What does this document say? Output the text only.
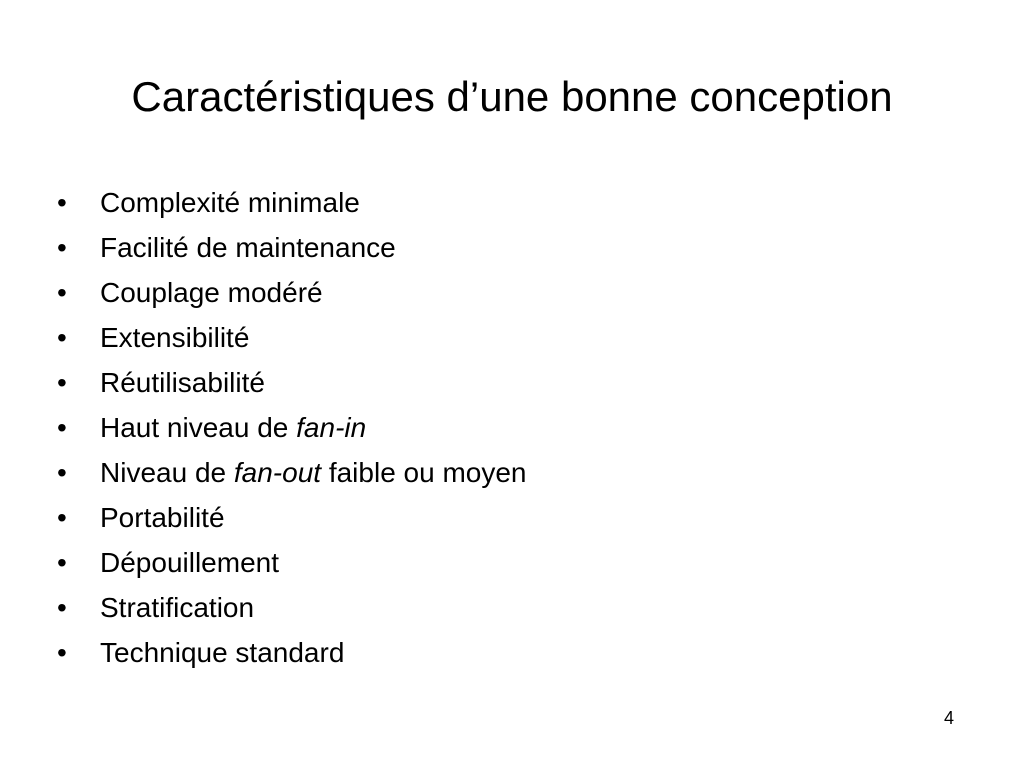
Caractéristiques d’une bonne conception
•	Complexité minimale
•	Facilité de maintenance
•	Couplage modéré
•	Extensibilité
•	Réutilisabilité
•	Haut niveau de fan-in
•	Niveau de fan-out faible ou moyen
•	Portabilité
•	Dépouillement
•	Stratification
•	Technique standard
4
